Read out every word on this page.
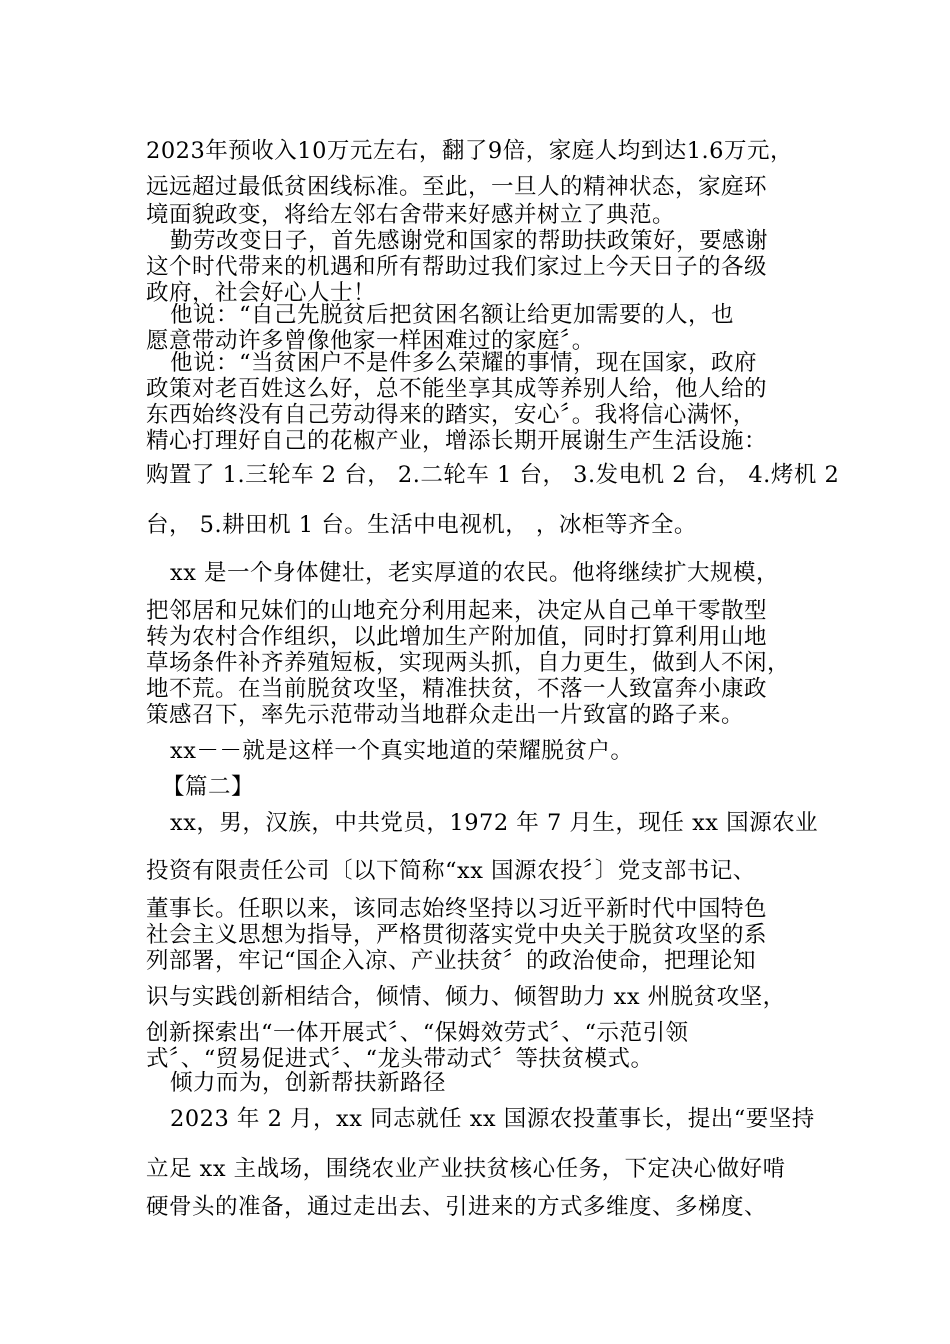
2023年预收入10万元左右，翻了9倍，家庭人均到达1.6万元，
远远超过最低贫困线标准。至此，一旦人的精神状态，家庭环
境面貌政变，将给左邻右舍带来好感并树立了典范。
勤劳改变日子，首先感谢党和国家的帮助扶政策好，要感谢
这个时代带来的机遇和所有帮助过我们家过上今天日子的各级
政府，社会好心人士！
他说：“自己先脱贫后把贫困名额让给更加需要的人，也
愿意带动许多曾像他家一样困难过的家庭〞。
他说：“当贫困户不是件多么荣耀的事情，现在国家，政府
政策对老百姓这么好，总不能坐享其成等养别人给，他人给的
东西始终没有自己劳动得来的踏实，安心〞。我将信心满怀，
精心打理好自己的花椒产业，增添长期开展谢生产生活设施：
购置了 1.三轮车 2 台， 2.二轮车 1 台， 3.发电机 2 台， 4.烤机 2
台， 5.耕田机 1 台。生活中电视机， ，冰柜等齐全。
xx 是一个身体健壮，老实厚道的农民。他将继续扩大规模，
把邻居和兄妹们的山地充分利用起来，决定从自己单干零散型
转为农村合作组织，以此增加生产附加值，同时打算利用山地
草场条件补齐养殖短板，实现两头抓，自力更生，做到人不闲，
地不荒。在当前脱贫攻坚，精准扶贫，不落一人致富奔小康政
策感召下，率先示范带动当地群众走出一片致富的路子来。
xx－－就是这样一个真实地道的荣耀脱贫户。
【篇二】
xx，男，汉族，中共党员，1972 年 7 月生，现任 xx 国源农业
投资有限责任公司〔以下简称“xx 国源农投〞〕党支部书记、
董事长。任职以来，该同志始终坚持以习近平新时代中国特色
社会主义思想为指导，严格贯彻落实党中央关于脱贫攻坚的系
列部署，牢记“国企入凉、产业扶贫〞的政治使命，把理论知
识与实践创新相结合，倾情、倾力、倾智助力 xx 州脱贫攻坚，
创新探索出“一体开展式〞、“保姆效劳式〞、“示范引领
式〞、“贸易促进式〞、“龙头带动式〞等扶贫模式。
倾力而为，创新帮扶新路径
2023 年 2 月，xx 同志就任 xx 国源农投董事长，提出“要坚持
立足 xx 主战场，围绕农业产业扶贫核心任务，下定决心做好啃
硬骨头的准备，通过走出去、引进来的方式多维度、多梯度、
